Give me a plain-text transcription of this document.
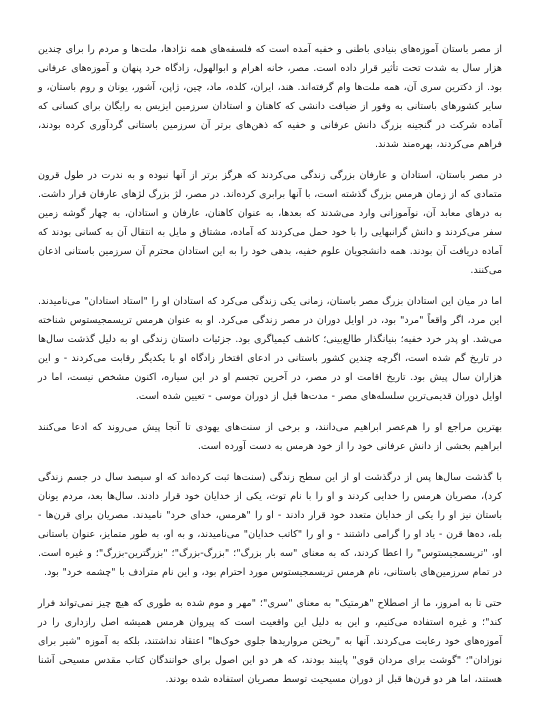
از مصر باستان آموزه‌های بنیادی باطنی و خفیه آمده است که فلسفه‌های همه نژادها، ملت‌ها و مردم را برای چندین هزار سال به شدت تحت تأثیر قرار داده است. مصر، خانه اهرام و ابوالهول، زادگاه خرد پنهان و آموزه‌های عرفانی بود. از دکترین سری آن، همه ملت‌ها وام گرفته‌اند. هند، ایران، کلده، ماد، چین، ژاپن، آشور، یونان و روم باستان، و سایر کشورهای باستانی به وفور از ضیافت دانشی که کاهنان و استادان سرزمین ایزیس به رایگان برای کسانی که آماده شرکت در گنجینه بزرگ دانش عرفانی و خفیه که ذهن‌های برتر آن سرزمین باستانی گردآوری کرده بودند، فراهم می‌کردند، بهره‌مند شدند.

در مصر باستان، استادان و عارفان بزرگی زندگی می‌کردند که هرگز برتر از آنها نبوده و به ندرت در طول قرون متمادی که از زمان هرمس بزرگ گذشته است، با آنها برابری کرده‌اند. در مصر، لژ بزرگ لژهای عارفان قرار داشت. به درهای معابد آن، نوآموزانی وارد می‌شدند که بعدها، به عنوان کاهنان، عارفان و استادان، به چهار گوشه زمین سفر می‌کردند و دانش گرانبهایی را با خود حمل می‌کردند که آماده، مشتاق و مایل به انتقال آن به کسانی بودند که آماده دریافت آن بودند. همه دانشجویان علوم خفیه، بدهی خود را به این استادان محترم آن سرزمین باستانی اذعان می‌کنند.

اما در میان این استادان بزرگ مصر باستان، زمانی یکی زندگی می‌کرد که استادان او را "استاد استادان" می‌نامیدند. این مرد، اگر واقعاً "مرد" بود، در اوایل دوران در مصر زندگی می‌کرد. او به عنوان هرمس تریسمجیستوس شناخته می‌شد. او پدر خرد خفیه؛ بنیانگذار طالع‌بینی؛ کاشف کیمیاگری بود. جزئیات داستان زندگی او به دلیل گذشت سال‌ها در تاریخ گم شده است، اگرچه چندین کشور باستانی در ادعای افتخار زادگاه او با یکدیگر رقابت می‌کردند - و این هزاران سال پیش بود. تاریخ اقامت او در مصر، در آخرین تجسم او در این سیاره، اکنون مشخص نیست، اما در اوایل دوران قدیمی‌ترین سلسله‌های مصر - مدت‌ها قبل از دوران موسی - تعیین شده است.

بهترین مراجع او را هم‌عصر ابراهیم می‌دانند، و برخی از سنت‌های یهودی تا آنجا پیش می‌روند که ادعا می‌کنند ابراهیم بخشی از دانش عرفانی خود را از خود هرمس به دست آورده است.

با گذشت سال‌ها پس از درگذشت او از این سطح زندگی (سنت‌ها ثبت کرده‌اند که او سیصد سال در جسم زندگی کرد)، مصریان هرمس را خدایی کردند و او را با نام توث، یکی از خدایان خود قرار دادند. سال‌ها بعد، مردم یونان باستان نیز او را یکی از خدایان متعدد خود قرار دادند - او را "هرمس، خدای خرد" نامیدند. مصریان برای قرن‌ها - بله، ده‌ها قرن - یاد او را گرامی داشتند - و او را "کاتب خدایان" می‌نامیدند، و به او، به طور متمایز، عنوان باستانی او، "تریسمجیستوس" را اعطا کردند، که به معنای "سه بار بزرگ"؛ "بزرگ-بزرگ"؛ "بزرگترین-بزرگ"؛ و غیره است. در تمام سرزمین‌های باستانی، نام هرمس تریسمجیستوس مورد احترام بود، و این نام مترادف با "چشمه خرد" بود.

حتی تا به امروز، ما از اصطلاح "هرمتیک" به معنای "سری"؛ "مهر و موم شده به طوری که هیچ چیز نمی‌تواند فرار کند"؛ و غیره استفاده می‌کنیم، و این به دلیل این واقعیت است که پیروان هرمس همیشه اصل رازداری را در آموزه‌های خود رعایت می‌کردند. آنها به "ریختن مرواریدها جلوی خوک‌ها" اعتقاد نداشتند، بلکه به آموزه "شیر برای نوزادان"؛ "گوشت برای مردان قوی" پایبند بودند، که هر دو این اصول برای خوانندگان کتاب مقدس مسیحی آشنا هستند، اما هر دو قرن‌ها قبل از دوران مسیحیت توسط مصریان استفاده شده بودند.
